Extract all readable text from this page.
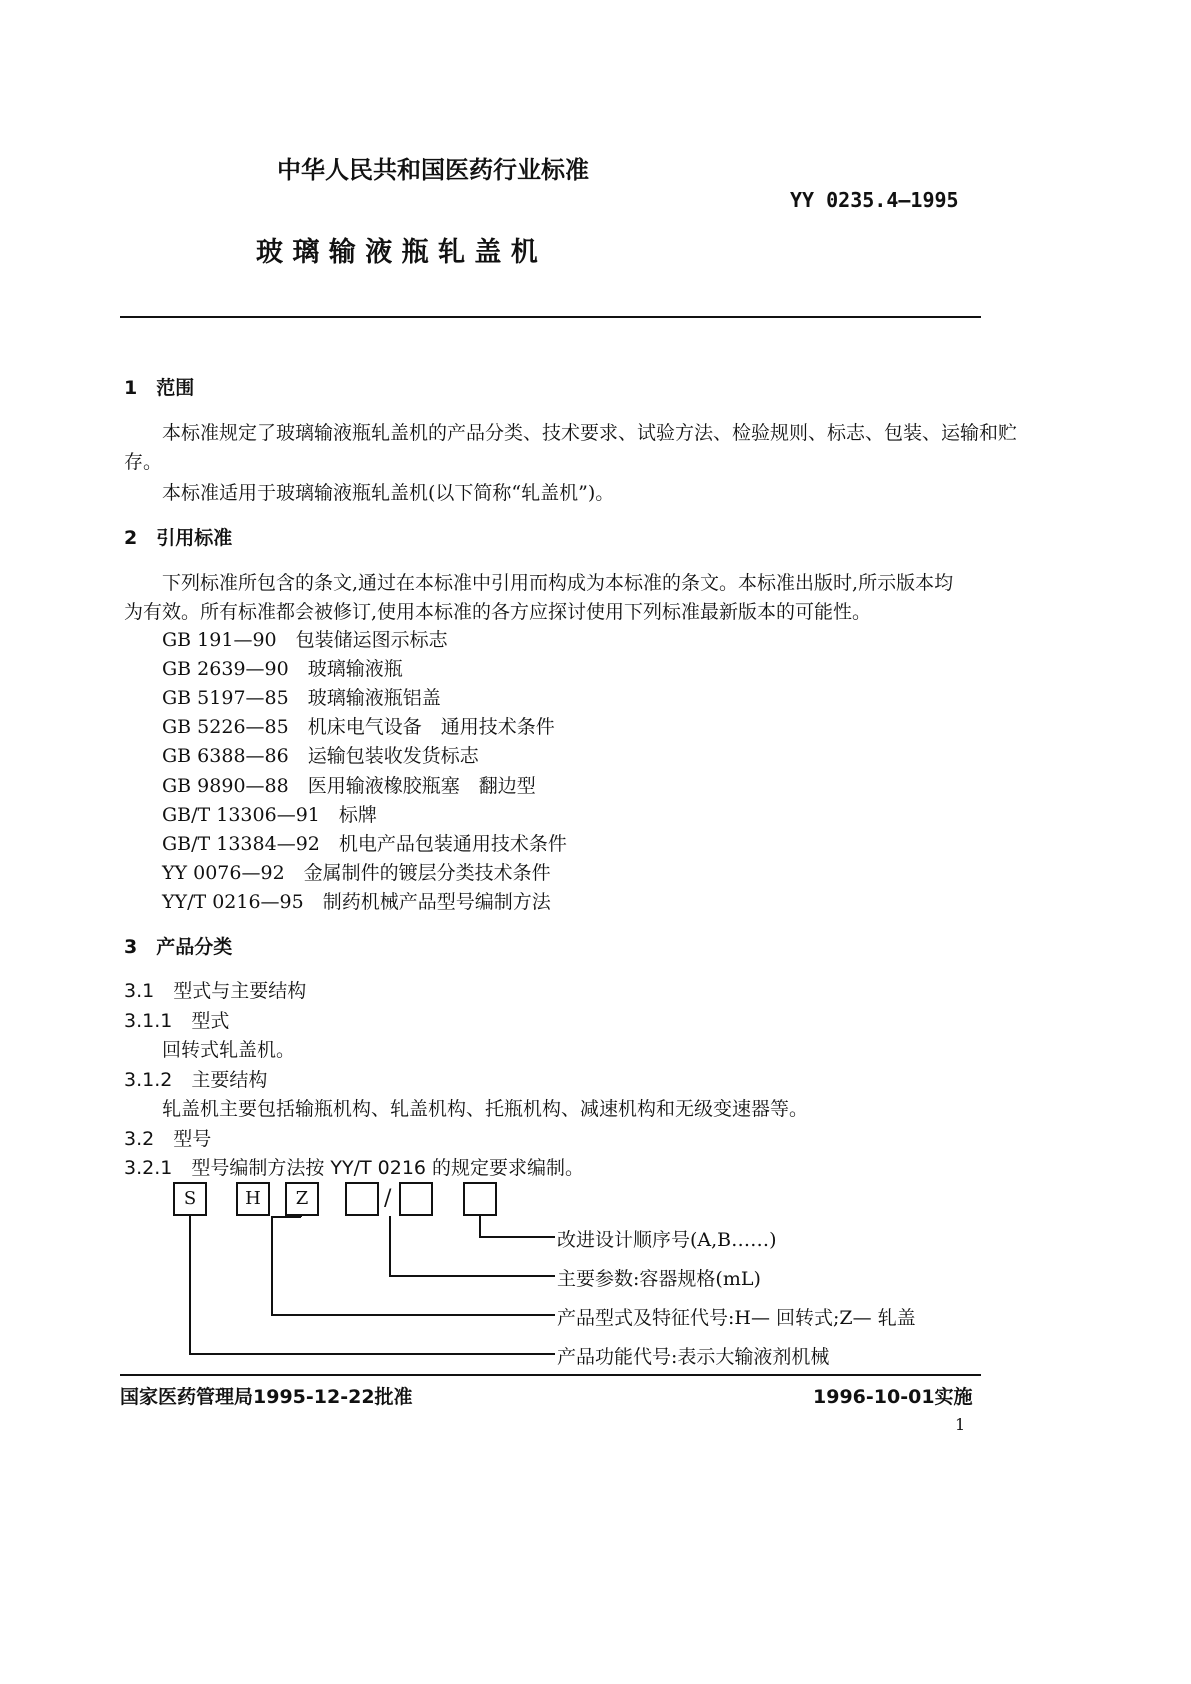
中华人民共和国医药行业标准
YY 0235.4—1995
玻 璃 输 液 瓶 轧 盖 机
1　范围
本标准规定了玻璃输液瓶轧盖机的产品分类、技术要求、试验方法、检验规则、标志、包装、运输和贮
存。
本标准适用于玻璃输液瓶轧盖机(以下简称“轧盖机”)。
2　引用标准
下列标准所包含的条文,通过在本标准中引用而构成为本标准的条文。本标准出版时,所示版本均
为有效。所有标准都会被修订,使用本标准的各方应探讨使用下列标准最新版本的可能性。
GB 191—90　 包装储运图示标志
GB 2639—90　 玻璃输液瓶
GB 5197—85　 玻璃输液瓶铝盖
GB 5226—85　 机床电气设备　通用技术条件
GB 6388—86　 运输包装收发货标志
GB 9890—88　 医用输液橡胶瓶塞　翻边型
GB/T 13306—91　 标牌
GB/T 13384—92　 机电产品包装通用技术条件
YY 0076—92　 金属制件的镀层分类技术条件
YY/T 0216—95　 制药机械产品型号编制方法
3　产品分类
3.1　型式与主要结构
3.1.1　型式
回转式轧盖机。
3.1.2　主要结构
轧盖机主要包括输瓶机构、轧盖机构、托瓶机构、减速机构和无级变速器等。
3.2　型号
3.2.1　型号编制方法按 YY/T 0216 的规定要求编制。
S	H	Z	/
改进设计顺序号(A,B……)
主要参数:容器规格(mL)
产品型式及特征代号:H— 回转式;Z— 轧盖
产品功能代号:表示大输液剂机械
国家医药管理局1995-12-22批准	1996-10-01实施
1
